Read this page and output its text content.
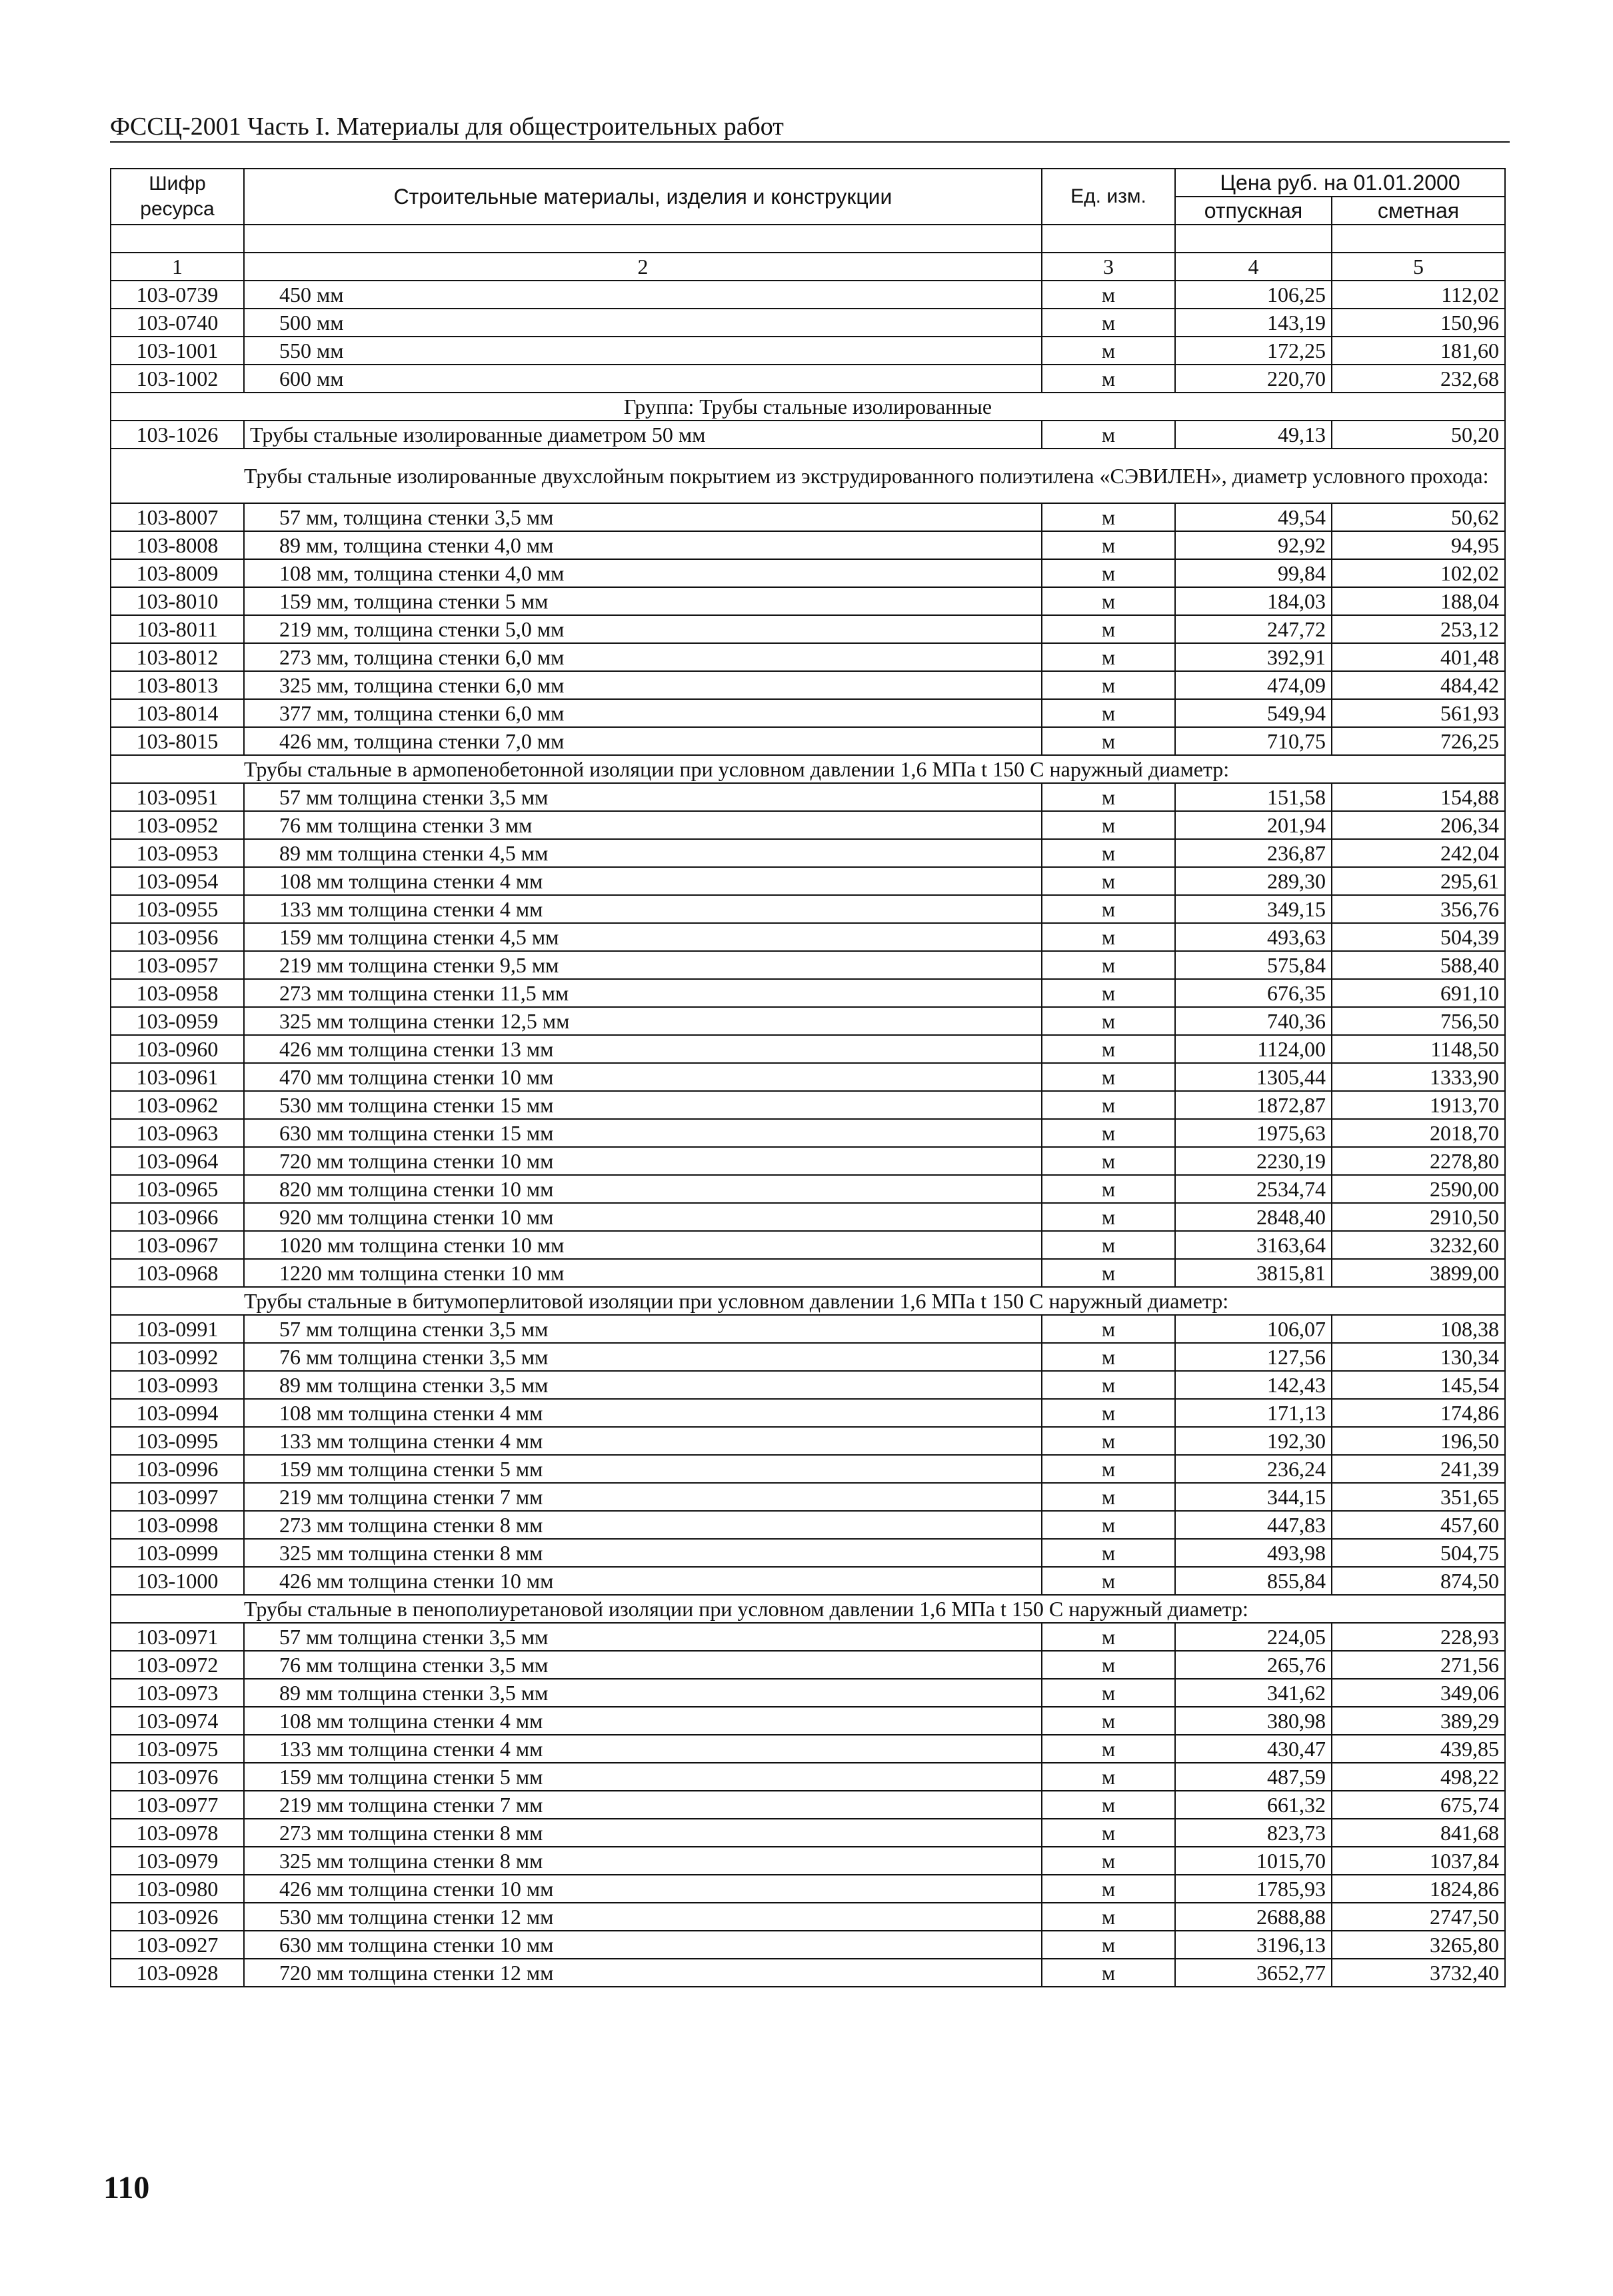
ФССЦ-2001 Часть I. Материалы для общестроительных работ
Шифр ресурса	Строительные материалы, изделия и конструкции	Ед. изм.	Цена руб. на 01.01.2000	
			отпускная	сметная

1	2	3	4	5
103-0739	450 мм	м	106,25	112,02
103-0740	500 мм	м	143,19	150,96
103-1001	550 мм	м	172,25	181,60
103-1002	600 мм	м	220,70	232,68
Группа: Трубы стальные изолированные				
103-1026	Трубы стальные изолированные диаметром 50 мм	м	49,13	50,20
	Трубы стальные изолированные двухслойным покрытием из экструдированного полиэтилена «СЭВИЛЕН», диаметр условного прохода:			
103-8007	57 мм, толщина стенки 3,5 мм	м	49,54	50,62
103-8008	89 мм, толщина стенки 4,0 мм	м	92,92	94,95
103-8009	108 мм, толщина стенки 4,0 мм	м	99,84	102,02
103-8010	159 мм, толщина стенки 5 мм	м	184,03	188,04
103-8011	219 мм, толщина стенки 5,0 мм	м	247,72	253,12
103-8012	273 мм, толщина стенки 6,0 мм	м	392,91	401,48
103-8013	325 мм, толщина стенки 6,0 мм	м	474,09	484,42
103-8014	377 мм, толщина стенки 6,0 мм	м	549,94	561,93
103-8015	426 мм, толщина стенки 7,0 мм	м	710,75	726,25
	Трубы стальные в армопенобетонной изоляции при условном давлении 1,6 МПа t 150 С наружный диаметр:			
103-0951	57 мм толщина стенки 3,5 мм	м	151,58	154,88
103-0952	76 мм толщина стенки 3 мм	м	201,94	206,34
103-0953	89 мм толщина стенки 4,5 мм	м	236,87	242,04
103-0954	108 мм толщина стенки 4 мм	м	289,30	295,61
103-0955	133 мм толщина стенки 4 мм	м	349,15	356,76
103-0956	159 мм толщина стенки 4,5 мм	м	493,63	504,39
103-0957	219 мм толщина стенки 9,5 мм	м	575,84	588,40
103-0958	273 мм толщина стенки 11,5 мм	м	676,35	691,10
103-0959	325 мм толщина стенки 12,5 мм	м	740,36	756,50
103-0960	426 мм толщина стенки 13 мм	м	1124,00	1148,50
103-0961	470 мм толщина стенки 10 мм	м	1305,44	1333,90
103-0962	530 мм толщина стенки 15 мм	м	1872,87	1913,70
103-0963	630 мм толщина стенки 15 мм	м	1975,63	2018,70
103-0964	720 мм толщина стенки 10 мм	м	2230,19	2278,80
103-0965	820 мм толщина стенки 10 мм	м	2534,74	2590,00
103-0966	920 мм толщина стенки 10 мм	м	2848,40	2910,50
103-0967	1020 мм толщина стенки 10 мм	м	3163,64	3232,60
103-0968	1220 мм толщина стенки 10 мм	м	3815,81	3899,00
	Трубы стальные в битумоперлитовой изоляции при условном давлении 1,6 МПа t 150 С наружный диаметр:			
103-0991	57 мм толщина стенки 3,5 мм	м	106,07	108,38
103-0992	76 мм толщина стенки 3,5 мм	м	127,56	130,34
103-0993	89 мм толщина стенки 3,5 мм	м	142,43	145,54
103-0994	108 мм толщина стенки 4 мм	м	171,13	174,86
103-0995	133 мм толщина стенки 4 мм	м	192,30	196,50
103-0996	159 мм толщина стенки 5 мм	м	236,24	241,39
103-0997	219 мм толщина стенки 7 мм	м	344,15	351,65
103-0998	273 мм толщина стенки 8 мм	м	447,83	457,60
103-0999	325 мм толщина стенки 8 мм	м	493,98	504,75
103-1000	426 мм толщина стенки 10 мм	м	855,84	874,50
	Трубы стальные в пенополиуретановой изоляции при условном давлении 1,6 МПа t 150 С наружный диаметр:			
103-0971	57 мм толщина стенки 3,5 мм	м	224,05	228,93
103-0972	76 мм толщина стенки 3,5 мм	м	265,76	271,56
103-0973	89 мм толщина стенки 3,5 мм	м	341,62	349,06
103-0974	108 мм толщина стенки 4 мм	м	380,98	389,29
103-0975	133 мм толщина стенки 4 мм	м	430,47	439,85
103-0976	159 мм толщина стенки 5 мм	м	487,59	498,22
103-0977	219 мм толщина стенки 7 мм	м	661,32	675,74
103-0978	273 мм толщина стенки 8 мм	м	823,73	841,68
103-0979	325 мм толщина стенки 8 мм	м	1015,70	1037,84
103-0980	426 мм толщина стенки 10 мм	м	1785,93	1824,86
103-0926	530 мм толщина стенки 12 мм	м	2688,88	2747,50
103-0927	630 мм толщина стенки 10 мм	м	3196,13	3265,80
103-0928	720 мм толщина стенки 12 мм	м	3652,77	3732,40
110
